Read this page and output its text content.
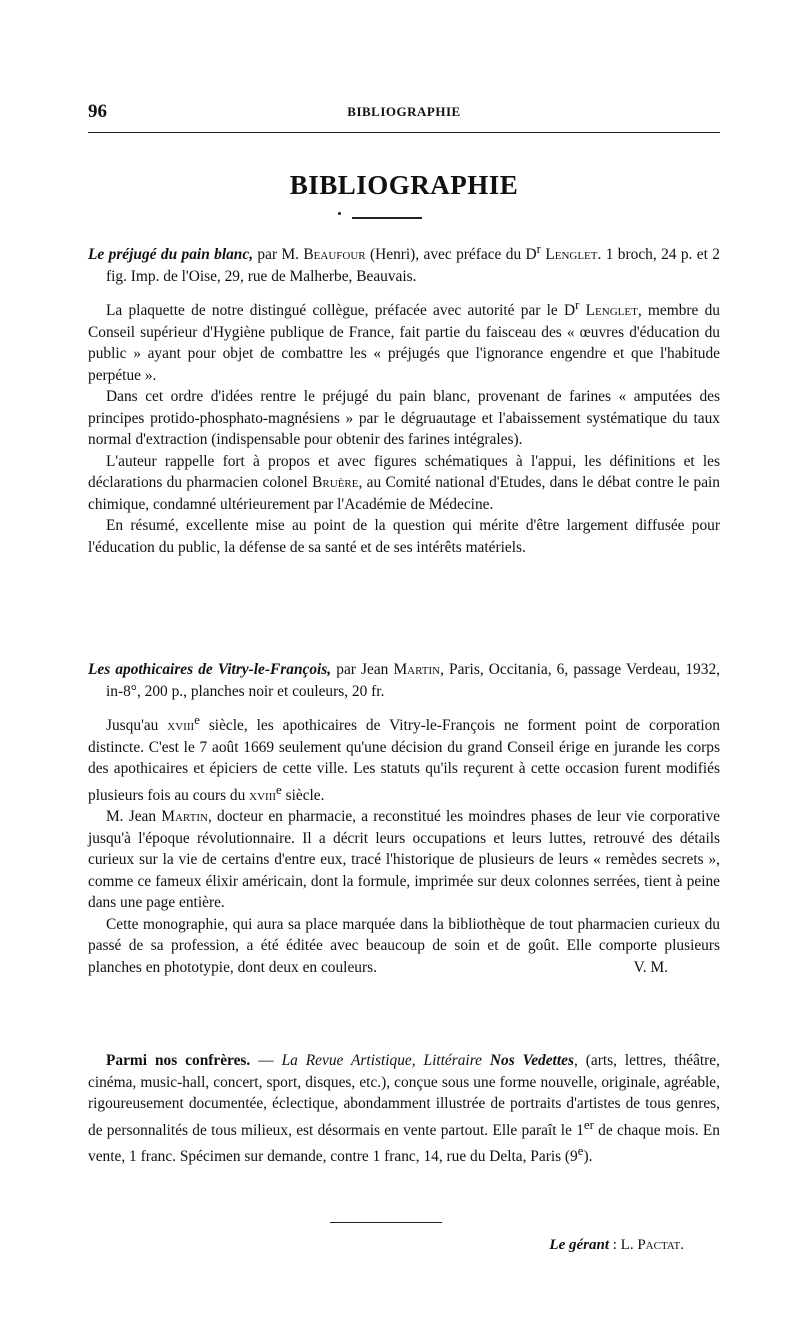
96	BIBLIOGRAPHIE
BIBLIOGRAPHIE

Le préjugé du pain blanc, par M. Beaufour (Henri), avec préface du $D^r$ Lenglet. 1 broch, 24 p. et 2 fig. Imp. de l'Oise, 29, rue de Malherbe, Beauvais.

La plaquette de notre distingué collègue, préfacée avec autorité par le $D^r$ Lenglet, membre du Conseil supérieur d'Hygiène publique de France, fait partie du faisceau des « œuvres d'éducation du public » ayant pour objet de combattre les « préjugés que l'ignorance engendre et que l'habitude perpétue ».

Dans cet ordre d'idées rentre le préjugé du pain blanc, provenant de farines « amputées des principes protido-phosphato-magnésiens » par le dégruautage et l'abaissement systématique du taux normal d'extraction (indispensable pour obtenir des farines intégrales).

L'auteur rappelle fort à propos et avec figures schématiques à l'appui, les définitions et les déclarations du pharmacien colonel Bruère, au Comité national d'Etudes, dans le débat contre le pain chimique, condamné ultérieurement par l'Académie de Médecine.

En résumé, excellente mise au point de la question qui mérite d'être largement diffusée pour l'éducation du public, la défense de sa santé et de ses intérêts matériels.

Les apothicaires de Vitry-le-François, par Jean Martin, Paris, Occitania, 6, passage Verdeau, 1932, in-8°, 200 p., planches noir et couleurs, 20 fr.

Jusqu'au xviii$^e$ siècle, les apothicaires de Vitry-le-François ne forment point de corporation distincte. C'est le 7 août 1669 seulement qu'une décision du grand Conseil érige en jurande les corps des apothicaires et épiciers de cette ville. Les statuts qu'ils reçurent à cette occasion furent modifiés plusieurs fois au cours du xviii$^e$ siècle.

M. Jean Martin, docteur en pharmacie, a reconstitué les moindres phases de leur vie corporative jusqu'à l'époque révolutionnaire. Il a décrit leurs occupations et leurs luttes, retrouvé des détails curieux sur la vie de certains d'entre eux, tracé l'historique de plusieurs de leurs « remèdes secrets », comme ce fameux élixir américain, dont la formule, imprimée sur deux colonnes serrées, tient à peine dans une page entière.

Cette monographie, qui aura sa place marquée dans la bibliothèque de tout pharmacien curieux du passé de sa profession, a été éditée avec beaucoup de soin et de goût. Elle comporte plusieurs planches en phototypie, dont deux en couleurs.	V. M.

Parmi nos confrères. — La Revue Artistique, Littéraire Nos Vedettes, (arts, lettres, théâtre, cinéma, music-hall, concert, sport, disques, etc.), conçue sous une forme nouvelle, originale, agréable, rigoureusement documentée, éclectique, abondamment illustrée de portraits d'artistes de tous genres, de personnalités de tous milieux, est désormais en vente partout. Elle paraît le 1er de chaque mois. En vente, 1 franc. Spécimen sur demande, contre 1 franc, 14, rue du Delta, Paris (9e).

Le gérant : L. Pactat.
